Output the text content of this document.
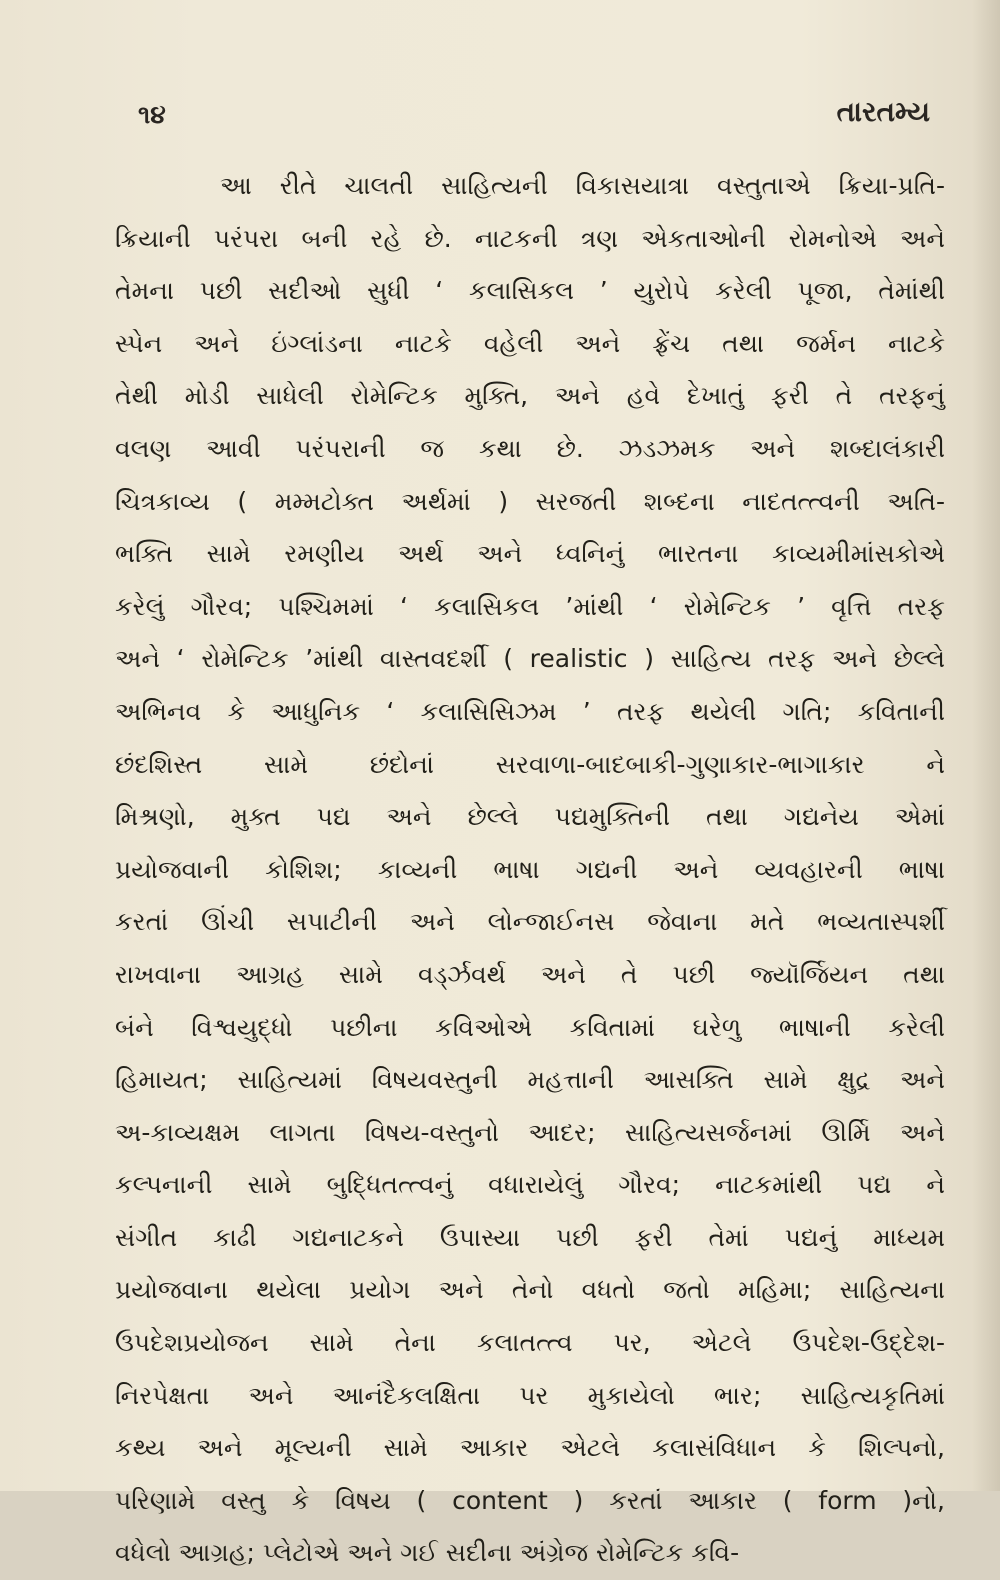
૧૪	તારતમ્ય
આ રીતે ચાલતી સાહિત્યની વિકાસયાત્રા વસ્તુતાએ ક્રિયા-પ્રતિ-
ક્રિયાની પરંપરા બની રહે છે. નાટકની ત્રણ એકતાઓની રોમનોએ અને
તેમના પછી સદીઓ સુધી ‘ કલાસિકલ ’ યુરોપે કરેલી પૂજા, તેમાંથી
સ્પેન અને ઇંગ્લાંડના નાટકે વહેલી અને ફ્રેંચ તથા જર્મન નાટકે
તેથી મોડી સાધેલી રોમેન્ટિક મુક્તિ, અને હવે દેખાતું ફરી તે તરફનું
વલણ આવી પરંપરાની જ કથા છે. ઝડઝમક અને શબ્દાલંકારી
ચિત્રકાવ્ય ( મમ્મટોક્ત અર્થમાં ) સરજતી શબ્દના નાદતત્ત્વની અતિ-
ભક્તિ સામે રમણીય અર્થ અને ધ્વનિનું ભારતના કાવ્યમીમાંસકોએ
કરેલું ગૌરવ; પશ્ચિમમાં ‘ કલાસિકલ ’માંથી ‘ રોમેન્ટિક ’ વૃત્તિ તરફ
અને ‘ રોમેન્ટિક ’માંથી વાસ્તવદર્શી ( realistic ) સાહિત્ય તરફ અને છેલ્લે
અભિનવ કે આધુનિક ‘ કલાસિસિઝમ ’ તરફ થયેલી ગતિ; કવિતાની
છંદશિસ્ત સામે છંદોનાં સરવાળા-બાદબાકી-ગુણાકાર-ભાગાકાર ને
મિશ્રણો, મુક્ત પદ્ય અને છેલ્લે પદ્યમુક્તિની તથા ગદ્યનેય એમાં
પ્રયોજવાની કોશિશ; કાવ્યની ભાષા ગદ્યની અને વ્યવહારની ભાષા
કરતાં ઊંચી સપાટીની અને લોન્જાઈનસ જેવાના મતે ભવ્યતાસ્પર્શી
રાખવાના આગ્રહ સામે વર્ડ્ઝવર્થ અને તે પછી જ્યૉર્જિયન તથા
બંને વિશ્વયુદ્ધો પછીના કવિઓએ કવિતામાં ઘરેળુ ભાષાની કરેલી
હિમાયત; સાહિત્યમાં વિષયવસ્તુની મહત્તાની આસક્તિ સામે ક્ષુદ્ર અને
અ-કાવ્યક્ષમ લાગતા વિષય-વસ્તુનો આદર; સાહિત્યસર્જનમાં ઊર્મિ અને
કલ્પનાની સામે બુદ્ધિતત્ત્વનું વધારાયેલું ગૌરવ; નાટકમાંથી પદ્ય ને
સંગીત કાઢી ગદ્યનાટકને ઉપાસ્યા પછી ફરી તેમાં પદ્યનું માધ્યમ
પ્રયોજવાના થયેલા પ્રયોગ અને તેનો વધતો જતો મહિમા; સાહિત્યના
ઉપદેશપ્રયોજન સામે તેના કલાતત્ત્વ પર, એટલે ઉપદેશ-ઉદ્દેશ-
નિરપેક્ષતા અને આનંદૈકલક્ષિતા પર મુકાયેલો ભાર; સાહિત્યકૃતિમાં
કથ્ય અને મૂલ્યની સામે આકાર એટલે કલાસંવિધાન કે શિલ્પનો,
પરિણામે વસ્તુ કે વિષય ( content ) કરતાં આકાર ( form )નો,
વધેલો આગ્રહ; પ્લેટોએ અને ગઈ સદીના અંગ્રેજ રોમેન્ટિક કવિ-
